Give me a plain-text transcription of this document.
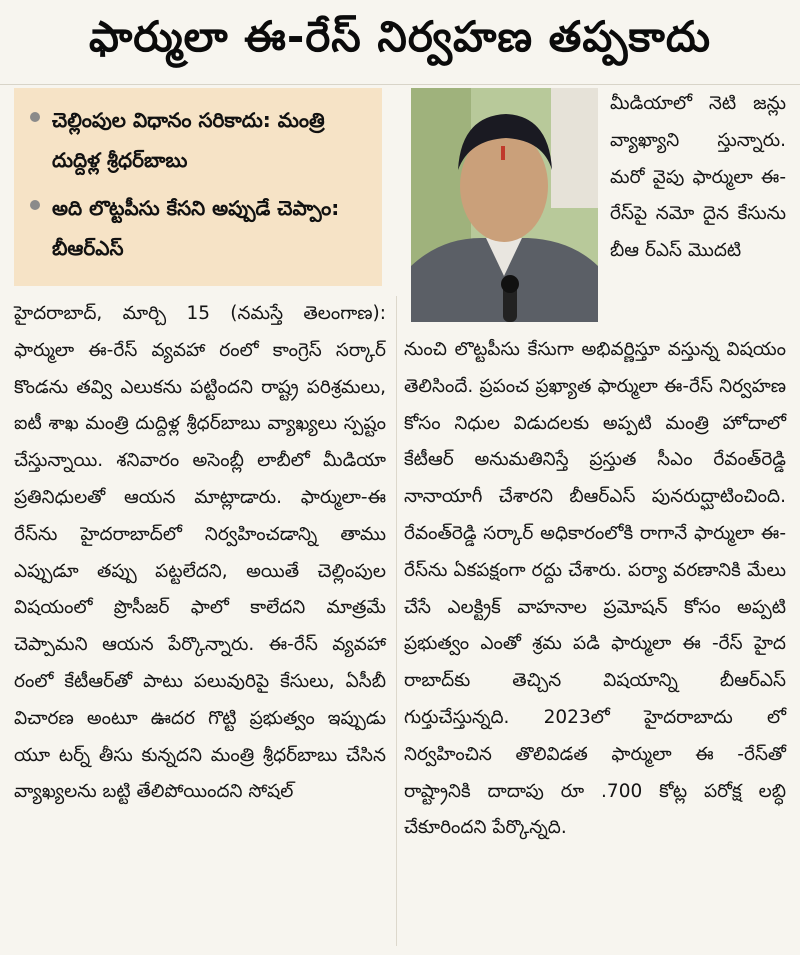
ఫార్ములా ఈ-రేస్ నిర్వహణ తప్పకాదు
చెల్లింపుల విధానం సరికాదు: మంత్రి దుద్దిళ్ల శ్రీధర్‌బాబు
అది లొట్టపీసు కేసని అప్పుడే చెప్పాం: బీఆర్ఎస్

మీడియాలో నెటి జన్లు వ్యాఖ్యాని స్తున్నారు. మరో వైపు ఫార్ములా ఈ-రేస్‌పై నమో దైన కేసును బీఆ ర్ఎస్ మొదటి

హైదరాబాద్, మార్చి 15 (నమస్తే తెలంగాణ): ఫార్ములా ఈ-రేస్ వ్యవహా రంలో కాంగ్రెస్ సర్కార్ కొండను తవ్వి ఎలుకను పట్టిందని రాష్ట్ర పరిశ్రమలు, ఐటీ శాఖ మంత్రి దుద్దిళ్ల శ్రీధర్‌బాబు వ్యాఖ్యలు స్పష్టం చేస్తున్నాయి. శనివారం అసెంబ్లీ లాబీలో మీడియా ప్రతినిధులతో ఆయన మాట్లాడారు. ఫార్ములా-ఈ రేస్‌ను హైదరాబాద్‌లో నిర్వహించడాన్ని తాము ఎప్పుడూ తప్పు పట్టలేదని, అయితే చెల్లింపుల విషయంలో ప్రొసీజర్ ఫాలో కాలేదని మాత్రమే చెప్పామని ఆయన పేర్కొన్నారు. ఈ-రేస్ వ్యవహా రంలో కేటీఆర్‌తో పాటు పలువురిపై కేసులు, ఏసీబీ విచారణ అంటూ ఊదర గొట్టి ప్రభుత్వం ఇప్పుడు యూ టర్న్ తీసు కున్నదని మంత్రి శ్రీధర్‌బాబు చేసిన వ్యాఖ్యలను బట్టి తేలిపోయిందని సోషల్

నుంచి లొట్టపీసు కేసుగా అభివర్ణిస్తూ వస్తున్న విషయం తెలిసిందే. ప్రపంచ ప్రఖ్యాత ఫార్ములా ఈ-రేస్ నిర్వహణ కోసం నిధుల విడుదలకు అప్పటి మంత్రి హోదాలో కేటీఆర్ అనుమతినిస్తే ప్రస్తుత సీఎం రేవంత్‌రెడ్డి నానాయాగీ చేశారని బీఆర్ఎస్ పునరుద్ఘాటించింది. రేవంత్‌రెడ్డి సర్కార్ అధికారంలోకి రాగానే ఫార్ములా ఈ-రేస్‌ను ఏకపక్షంగా రద్దు చేశారు. పర్యా వరణానికి మేలు చేసే ఎలక్ట్రిక్ వాహనాల ప్రమోషన్ కోసం అప్పటి ప్రభుత్వం ఎంతో శ్రమ పడి ఫార్ములా ఈ -రేస్ హైద రాబాద్‌కు తెచ్చిన విషయాన్ని బీఆర్ఎస్ గుర్తుచేస్తున్నది. 2023లో హైదరాబాదు లో నిర్వహించిన తొలివిడత ఫార్ములా ఈ -రేస్‌తో రాష్ట్రానికి దాదాపు రూ .700 కోట్ల పరోక్ష లబ్ధి చేకూరిందని పేర్కొన్నది.
